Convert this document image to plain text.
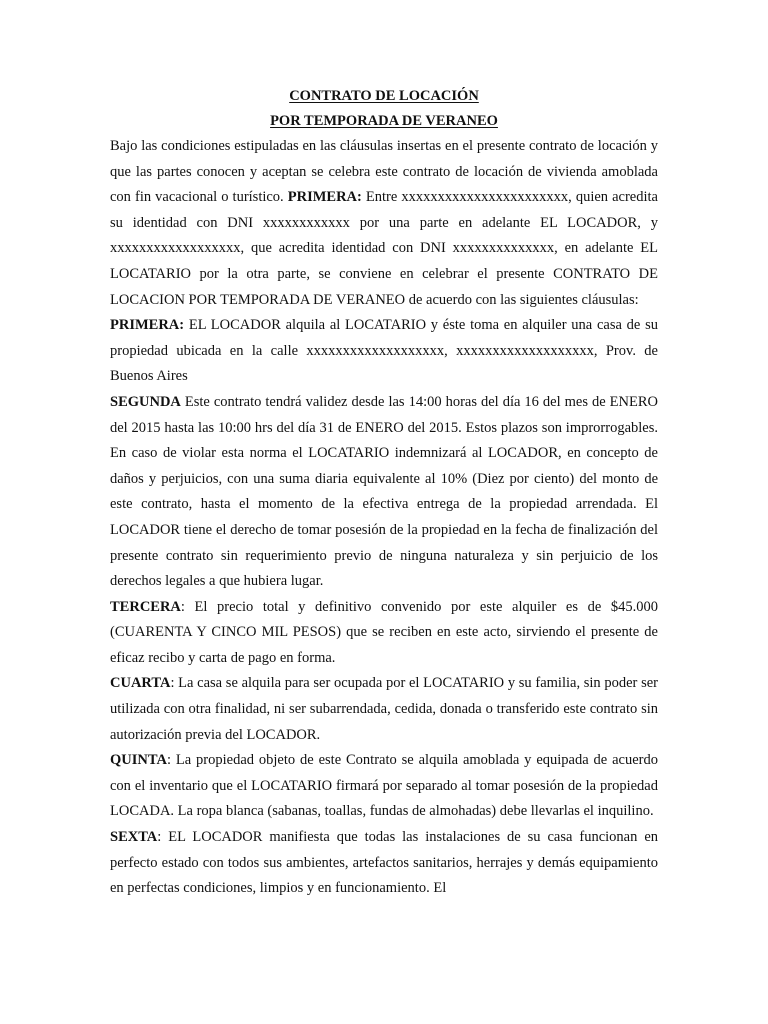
CONTRATO DE LOCACIÓN

POR TEMPORADA DE VERANEO

Bajo las condiciones estipuladas en las cláusulas insertas en el presente contrato de locación y que las partes conocen y aceptan se celebra este contrato de locación de vivienda amoblada con fin vacacional o turístico. PRIMERA: Entre xxxxxxxxxxxxxxxxxxxxxxx, quien acredita su identidad con DNI xxxxxxxxxxxx por una parte en adelante EL LOCADOR, y xxxxxxxxxxxxxxxxxx, que acredita identidad con DNI xxxxxxxxxxxxxx, en adelante EL LOCATARIO por la otra parte, se conviene en celebrar el presente CONTRATO DE LOCACION POR TEMPORADA DE VERANEO de acuerdo con las siguientes cláusulas:

PRIMERA: EL LOCADOR alquila al LOCATARIO y éste toma en alquiler una casa de su propiedad ubicada en la calle xxxxxxxxxxxxxxxxxxx, xxxxxxxxxxxxxxxxxxx, Prov. de Buenos Aires

SEGUNDA Este contrato tendrá validez desde las 14:00 horas del día 16 del mes de ENERO del 2015 hasta las 10:00 hrs del día 31 de ENERO del 2015. Estos plazos son improrrogables. En caso de violar esta norma el LOCATARIO indemnizará al LOCADOR, en concepto de daños y perjuicios, con una suma diaria equivalente al 10% (Diez por ciento) del monto de este contrato, hasta el momento de la efectiva entrega de la propiedad arrendada. El LOCADOR tiene el derecho de tomar posesión de la propiedad en la fecha de finalización del presente contrato sin requerimiento previo de ninguna naturaleza y sin perjuicio de los derechos legales a que hubiera lugar.

TERCERA: El precio total y definitivo convenido por este alquiler es de $45.000 (CUARENTA Y CINCO MIL PESOS) que se reciben en este acto, sirviendo el presente de eficaz recibo y carta de pago en forma.

CUARTA: La casa se alquila para ser ocupada por el LOCATARIO y su familia, sin poder ser utilizada con otra finalidad, ni ser subarrendada, cedida, donada o transferido este contrato sin autorización previa del LOCADOR.

QUINTA: La propiedad objeto de este Contrato se alquila amoblada y equipada de acuerdo con el inventario que el LOCATARIO firmará por separado al tomar posesión de la propiedad LOCADA. La ropa blanca (sabanas, toallas, fundas de almohadas) debe llevarlas el inquilino.

SEXTA: EL LOCADOR manifiesta que todas las instalaciones de su casa funcionan en perfecto estado con todos sus ambientes, artefactos sanitarios, herrajes y demás equipamiento en perfectas condiciones, limpios y en funcionamiento. El
